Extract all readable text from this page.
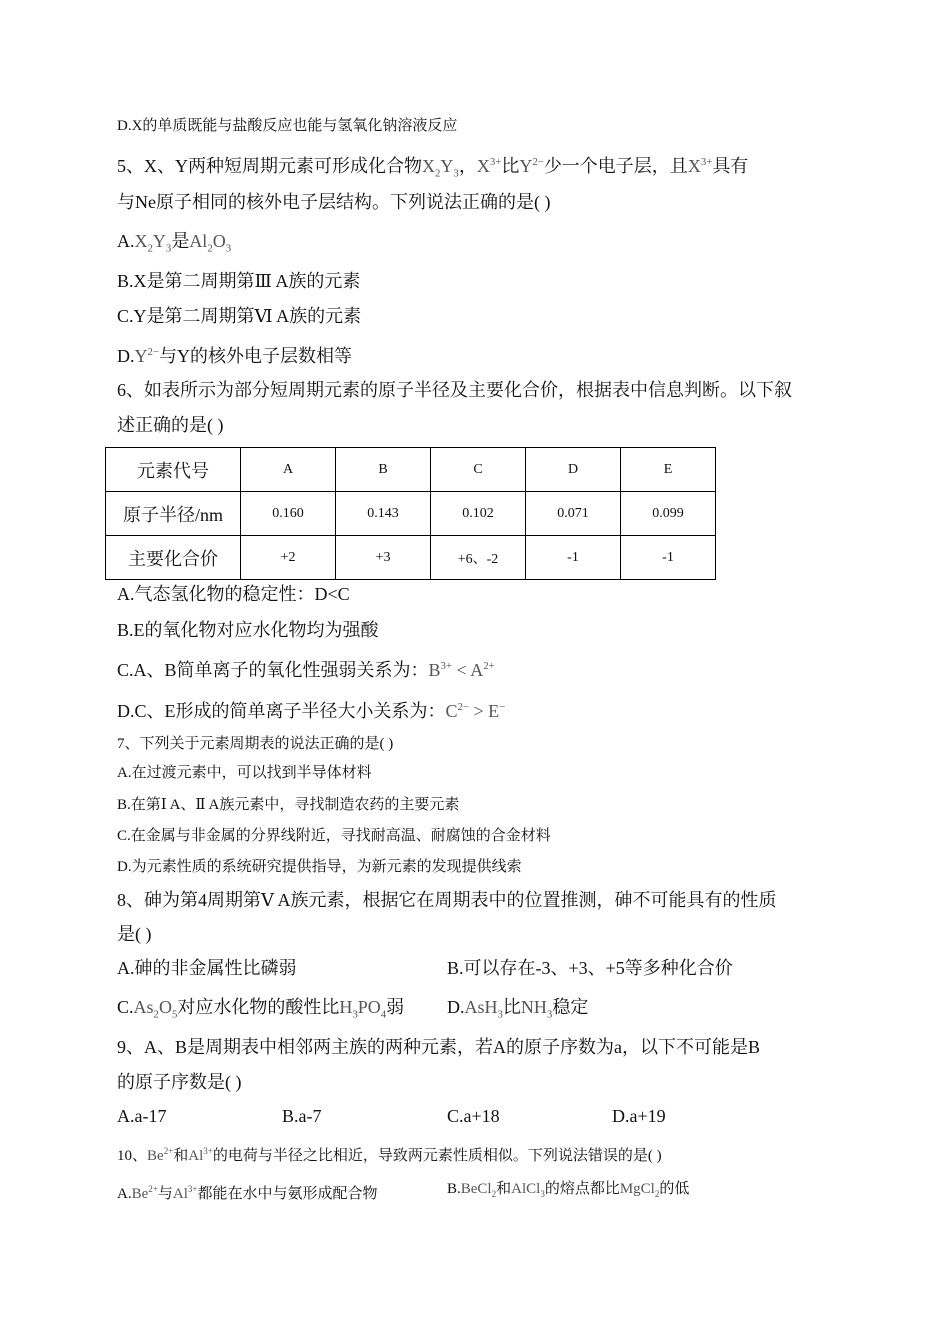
D.X的单质既能与盐酸反应也能与氢氧化钠溶液反应
5、X、Y两种短周期元素可形成化合物$X_2Y_3$，$X^{3+}$比$Y^{2-}$少一个电子层，且$X^{3+}$具有
与Ne原子相同的核外电子层结构。下列说法正确的是( )
$A.X_2Y_3$是$Al_2O_3$
B.X是第二周期第Ⅲ A族的元素
C.Y是第二周期第Ⅵ A族的元素
$D.Y^{2-}$与Y的核外电子层数相等
6、如表所示为部分短周期元素的原子半径及主要化合价，根据表中信息判断。以下叙
述正确的是( )
元素代号	A	B	C	D	E
原子半径/nm	0.160	0.143	0.102	0.071	0.099
主要化合价	+2	+3	+6、-2	-1	-1
A.气态氢化物的稳定性：D<C
B.E的氧化物对应水化物均为强酸
C.A、B简单离子的氧化性强弱关系为：$B^{3+} < A^{2+}$
D.C、E形成的简单离子半径大小关系为：$C^{2-} > E^-$
7、下列关于元素周期表的说法正确的是( )
A.在过渡元素中，可以找到半导体材料
B.在第Ⅰ A、Ⅱ A族元素中，寻找制造农药的主要元素
C.在金属与非金属的分界线附近，寻找耐高温、耐腐蚀的合金材料
D.为元素性质的系统研究提供指导，为新元素的发现提供线索
8、砷为第4周期第Ⅴ A族元素，根据它在周期表中的位置推测，砷不可能具有的性质
是( )
A.砷的非金属性比磷弱	B.可以存在-3、+3、+5等多种化合价
$C.As_2O_5$对应水化物的酸性比$H_3PO_4$弱 D.AsH$_3$比$NH_3$稳定
9、A、B是周期表中相邻两主族的两种元素，若A的原子序数为a，以下不可能是B
的原子序数是( )
A.a-17	B.a-7	C.a+18	D.a+19
10、$Be^{2+}$和$Al^{3+}$的电荷与半径之比相近，导致两元素性质相似。下列说法错误的是( )
$A.Be^{2+}$与$Al^{3+}$都能在水中与氨形成配合物	B.BeCl$_2$和AlCl$_3$的熔点都比MgCl$_2$的低
